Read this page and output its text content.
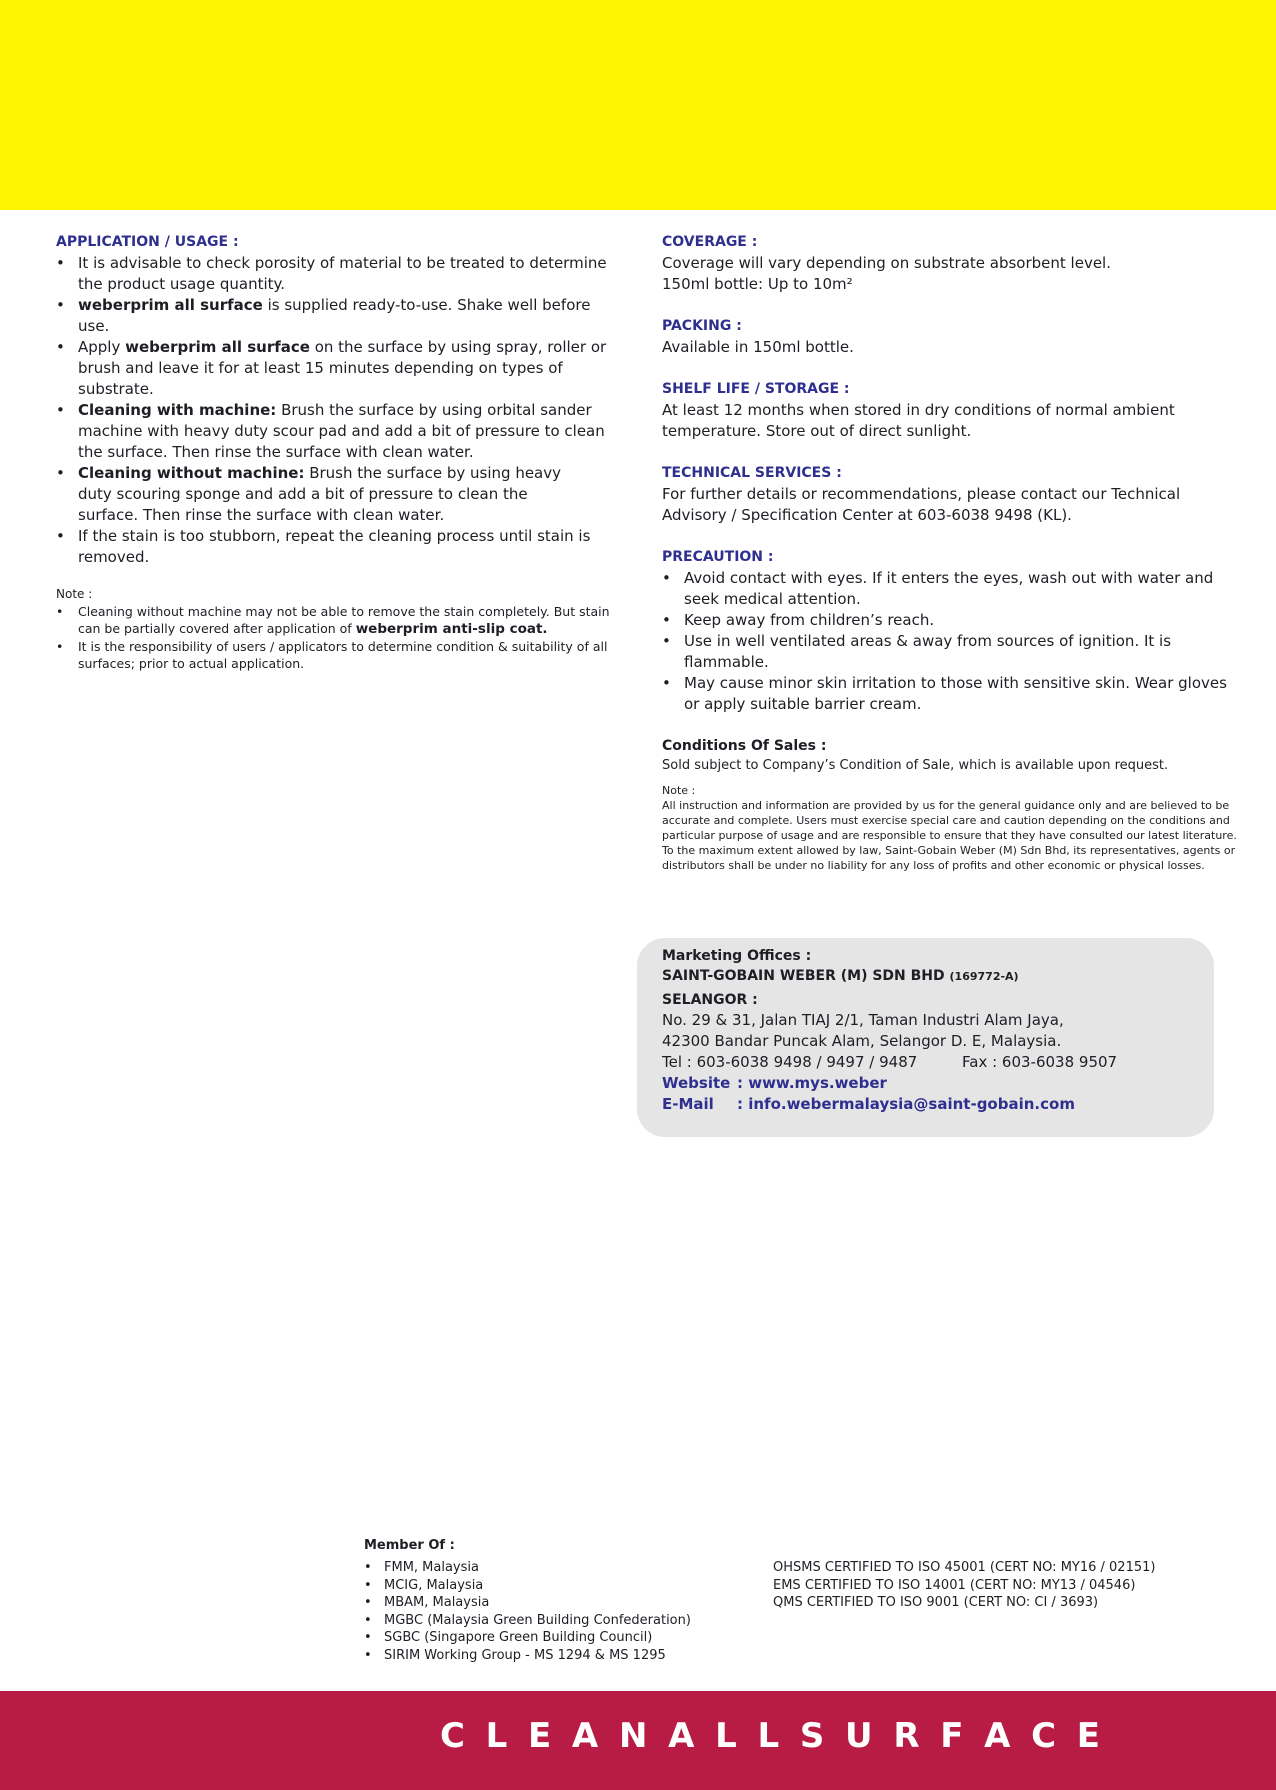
APPLICATION / USAGE :
• It is advisable to check porosity of material to be treated to determine the product usage quantity.
• weberprim all surface is supplied ready-to-use. Shake well before use.
• Apply weberprim all surface on the surface by using spray, roller or brush and leave it for at least 15 minutes depending on types of substrate.
• Cleaning with machine: Brush the surface by using orbital sander machine with heavy duty scour pad and add a bit of pressure to clean the surface. Then rinse the surface with clean water.
• Cleaning without machine: Brush the surface by using heavy duty scouring sponge and add a bit of pressure to clean the surface. Then rinse the surface with clean water.
• If the stain is too stubborn, repeat the cleaning process until stain is removed.
Note :
• Cleaning without machine may not be able to remove the stain completely. But stain can be partially covered after application of weberprim anti-slip coat.
• It is the responsibility of users / applicators to determine condition & suitability of all surfaces; prior to actual application.
COVERAGE :
Coverage will vary depending on substrate absorbent level.
150ml bottle: Up to 10m²
PACKING :
Available in 150ml bottle.
SHELF LIFE / STORAGE :
At least 12 months when stored in dry conditions of normal ambient temperature. Store out of direct sunlight.
TECHNICAL SERVICES :
For further details or recommendations, please contact our Technical Advisory / Specification Center at 603-6038 9498 (KL).
PRECAUTION :
• Avoid contact with eyes. If it enters the eyes, wash out with water and seek medical attention.
• Keep away from children’s reach.
• Use in well ventilated areas & away from sources of ignition. It is flammable.
• May cause minor skin irritation to those with sensitive skin. Wear gloves or apply suitable barrier cream.
Conditions Of Sales :
Sold subject to Company’s Condition of Sale, which is available upon request.
Note :
All instruction and information are provided by us for the general guidance only and are believed to be accurate and complete. Users must exercise special care and caution depending on the conditions and particular purpose of usage and are responsible to ensure that they have consulted our latest literature. To the maximum extent allowed by law, Saint-Gobain Weber (M) Sdn Bhd, its representatives, agents or distributors shall be under no liability for any loss of profits and other economic or physical losses.
Marketing Offices :
SAINT-GOBAIN WEBER (M) SDN BHD (169772-A)
SELANGOR :
No. 29 & 31, Jalan TIAJ 2/1, Taman Industri Alam Jaya,
42300 Bandar Puncak Alam, Selangor D. E, Malaysia.
Tel : 603-6038 9498 / 9497 / 9487	Fax : 603-6038 9507
Website : www.mys.weber
E-Mail : info.webermalaysia@saint-gobain.com
Member Of :
• FMM, Malaysia
• MCIG, Malaysia
• MBAM, Malaysia
• MGBC (Malaysia Green Building Confederation)
• SGBC (Singapore Green Building Council)
• SIRIM Working Group - MS 1294 & MS 1295
OHSMS CERTIFIED TO ISO 45001 (CERT NO: MY16 / 02151)
EMS CERTIFIED TO ISO 14001 (CERT NO: MY13 / 04546)
QMS CERTIFIED TO ISO 9001 (CERT NO: CI / 3693)
C L E A N A L L S U R F A C E
